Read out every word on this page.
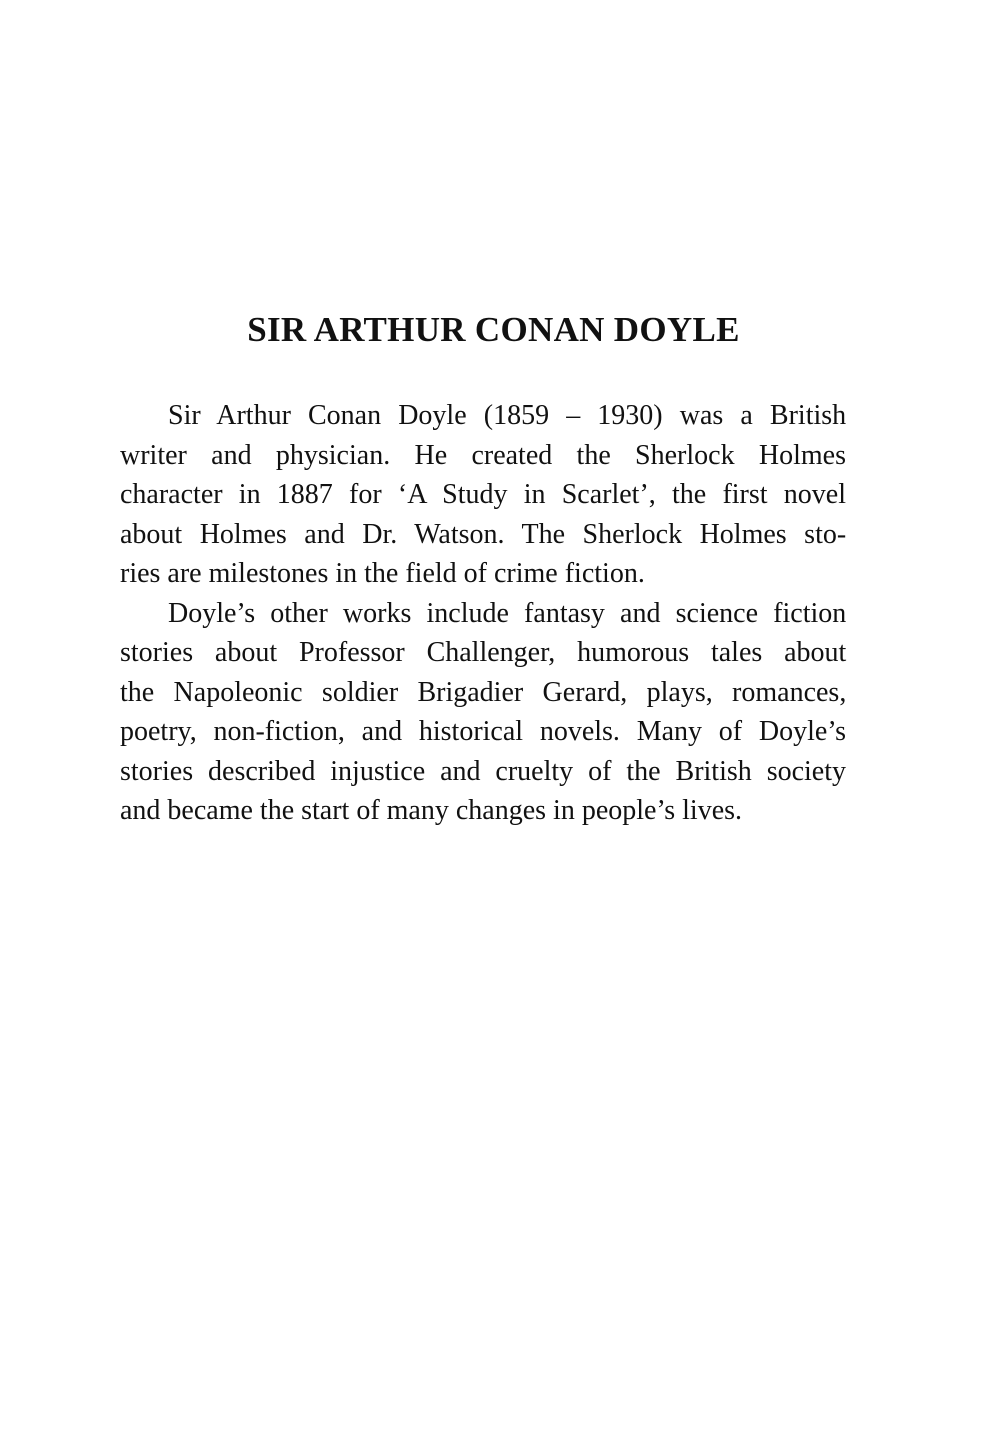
SIR ARTHUR CONAN DOYLE
Sir Arthur Conan Doyle (1859 – 1930) was a British
writer and physician. He created the Sherlock Holmes
character in 1887 for ‘A Study in Scarlet’, the first novel
about Holmes and Dr. Watson. The Sherlock Holmes sto-
ries are milestones in the field of crime fiction.
Doyle’s other works include fantasy and science fiction
stories about Professor Challenger, humorous tales about
the Napoleonic soldier Brigadier Gerard, plays, romances,
poetry, non-fiction, and historical novels. Many of Doyle’s
stories described injustice and cruelty of the British society
and became the start of many changes in people’s lives.
